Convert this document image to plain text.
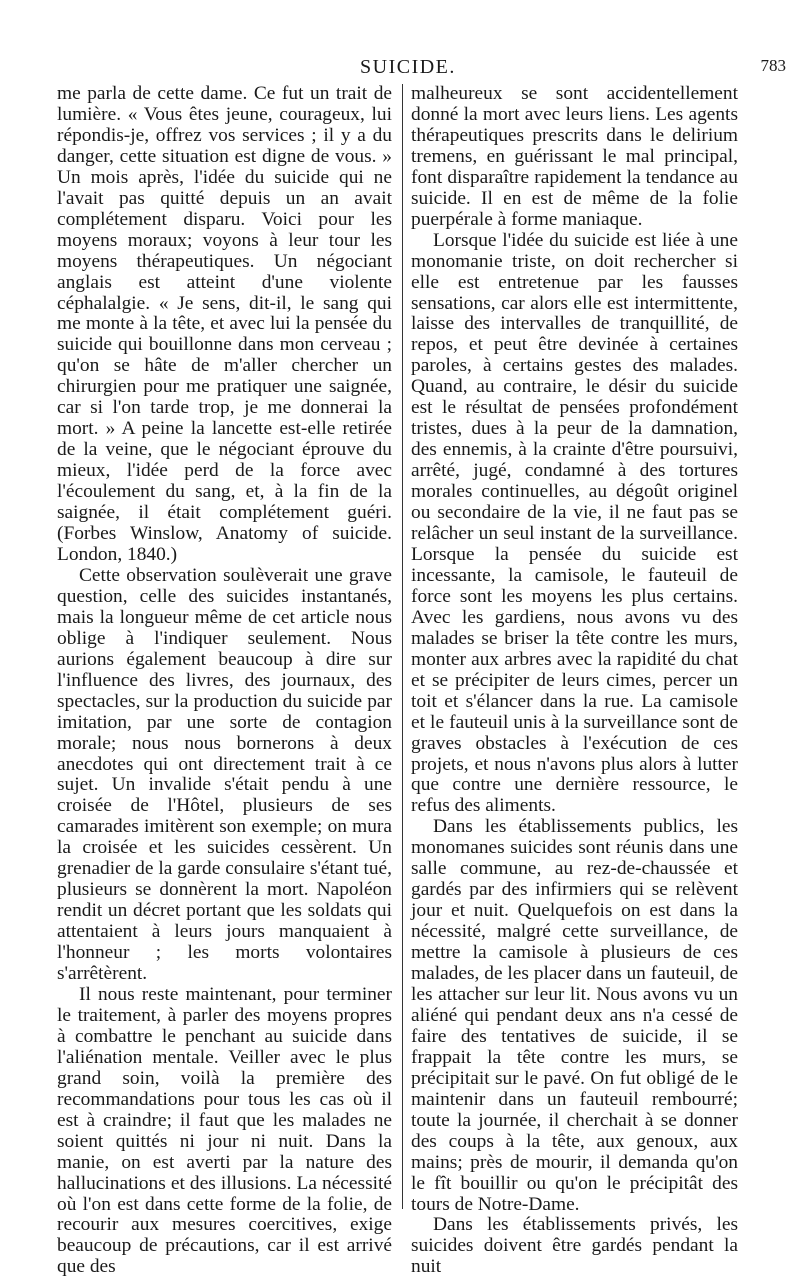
SUICIDE.	783

me parla de cette dame. Ce fut un trait de lumière. « Vous êtes jeune, courageux, lui répondis-je, offrez vos services ; il y a du danger, cette situation est digne de vous. » Un mois après, l'idée du suicide qui ne l'avait pas quitté depuis un an avait complétement disparu. Voici pour les moyens moraux; voyons à leur tour les moyens thérapeutiques. Un négociant anglais est atteint d'une violente céphalalgie. « Je sens, dit-il, le sang qui me monte à la tête, et avec lui la pensée du suicide qui bouillonne dans mon cerveau ; qu'on se hâte de m'aller chercher un chirurgien pour me pratiquer une saignée, car si l'on tarde trop, je me donnerai la mort. » A peine la lancette est-elle retirée de la veine, que le négociant éprouve du mieux, l'idée perd de la force avec l'écoulement du sang, et, à la fin de la saignée, il était complétement guéri. (Forbes Winslow, Anatomy of suicide. London, 1840.)

Cette observation soulèverait une grave question, celle des suicides instantanés, mais la longueur même de cet article nous oblige à l'indiquer seulement. Nous aurions également beaucoup à dire sur l'influence des livres, des journaux, des spectacles, sur la production du suicide par imitation, par une sorte de contagion morale; nous nous bornerons à deux anecdotes qui ont directement trait à ce sujet. Un invalide s'était pendu à une croisée de l'Hôtel, plusieurs de ses camarades imitèrent son exemple; on mura la croisée et les suicides cessèrent. Un grenadier de la garde consulaire s'étant tué, plusieurs se donnèrent la mort. Napoléon rendit un décret portant que les soldats qui attentaient à leurs jours manquaient à l'honneur ; les morts volontaires s'arrêtèrent.

Il nous reste maintenant, pour terminer le traitement, à parler des moyens propres à combattre le penchant au suicide dans l'aliénation mentale. Veiller avec le plus grand soin, voilà la première des recommandations pour tous les cas où il est à craindre; il faut que les malades ne soient quittés ni jour ni nuit. Dans la manie, on est averti par la nature des hallucinations et des illusions. La nécessité où l'on est dans cette forme de la folie, de recourir aux mesures coercitives, exige beaucoup de précautions, car il est arrivé que des

malheureux se sont accidentellement donné la mort avec leurs liens. Les agents thérapeutiques prescrits dans le delirium tremens, en guérissant le mal principal, font disparaître rapidement la tendance au suicide. Il en est de même de la folie puerpérale à forme maniaque.

Lorsque l'idée du suicide est liée à une monomanie triste, on doit rechercher si elle est entretenue par les fausses sensations, car alors elle est intermittente, laisse des intervalles de tranquillité, de repos, et peut être devinée à certaines paroles, à certains gestes des malades. Quand, au contraire, le désir du suicide est le résultat de pensées profondément tristes, dues à la peur de la damnation, des ennemis, à la crainte d'être poursuivi, arrêté, jugé, condamné à des tortures morales continuelles, au dégoût originel ou secondaire de la vie, il ne faut pas se relâcher un seul instant de la surveillance. Lorsque la pensée du suicide est incessante, la camisole, le fauteuil de force sont les moyens les plus certains. Avec les gardiens, nous avons vu des malades se briser la tête contre les murs, monter aux arbres avec la rapidité du chat et se précipiter de leurs cimes, percer un toit et s'élancer dans la rue. La camisole et le fauteuil unis à la surveillance sont de graves obstacles à l'exécution de ces projets, et nous n'avons plus alors à lutter que contre une dernière ressource, le refus des aliments.

Dans les établissements publics, les monomanes suicides sont réunis dans une salle commune, au rez-de-chaussée et gardés par des infirmiers qui se relèvent jour et nuit. Quelquefois on est dans la nécessité, malgré cette surveillance, de mettre la camisole à plusieurs de ces malades, de les placer dans un fauteuil, de les attacher sur leur lit. Nous avons vu un aliéné qui pendant deux ans n'a cessé de faire des tentatives de suicide, il se frappait la tête contre les murs, se précipitait sur le pavé. On fut obligé de le maintenir dans un fauteuil rembourré; toute la journée, il cherchait à se donner des coups à la tête, aux genoux, aux mains; près de mourir, il demanda qu'on le fît bouillir ou qu'on le précipitât des tours de Notre-Dame.

Dans les établissements privés, les suicides doivent être gardés pendant la nuit
